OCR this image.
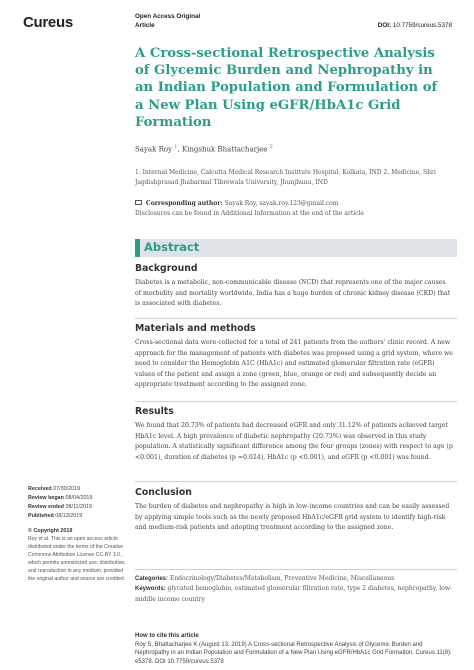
Cureus	Open Access Original
Article	DOI: 10.7759/cureus.5378
A Cross-sectional Retrospective Analysis of Glycemic Burden and Nephropathy in an Indian Population and Formulation of a New Plan Using eGFR/HbA1c Grid Formation
Sayak Roy $^1$, Kingshuk Bhattacharjee $^2$
1. Internal Medicine, Calcutta Medical Research Institute Hospital, Kolkata, IND 2. Medicine, Shri Jagdishprasad Jhabarmal Tibrewala University, Jhunjhunu, IND
Corresponding author: Sayak Roy, sayak.roy.123@gmail.com
Disclosures can be found in Additional Information at the end of the article
Abstract
Background

Diabetes is a metabolic, non-communicable disease (NCD) that represents one of the major causes of morbidity and mortality worldwide. India has a huge burden of chronic kidney disease (CKD) that is associated with diabetes.

Materials and methods

Cross-sectional data were collected for a total of 241 patients from the authors' clinic record. A new approach for the management of patients with diabetes was proposed using a grid system, where we need to consider the Hemoglobin A1C (HbA1c) and estimated glomerular filtration rate (eGFR) values of the patient and assign a zone (green, blue, orange or red) and subsequently decide an appropriate treatment according to the assigned zone.

Results

We found that 20.73% of patients had decreased eGFR and only 31.12% of patients achieved target HbA1c level. A high prevalence of diabetic nephropathy (20.73%) was observed in this study population. A statistically significant difference among the four groups (zones) with respect to age (p <0.001), duration of diabetes (p =0.024), HbA1c (p <0.001), and eGFR (p <0.001) was found.

Conclusion

The burden of diabetes and nephropathy is high in low-income countries and can be easily assessed by applying simple tools such as the newly proposed HbA1c/eGFR grid system to identify high-risk and medium-risk patients and adopting treatment according to the assigned zone.

Categories: Endocrinology/Diabetes/Metabolism, Preventive Medicine, Miscellaneous
Keywords: glycated hemoglobin, estimated glomerular filtration rate, type 2 diabetes, nephropathy, low-middle income country
Received 07/30/2019
Review began 08/04/2019
Review ended 08/11/2019
Published 08/13/2019
© Copyright 2019
Roy et al. This is an open access article distributed under the terms of the Creative Commons Attribution License CC-BY 3.0., which permits unrestricted use, distribution, and reproduction in any medium, provided the original author and source are credited.
How to cite this article
Roy S, Bhattacharjee K (August 13, 2019) A Cross-sectional Retrospective Analysis of Glycemic Burden and Nephropathy in an Indian Population and Formulation of a New Plan Using eGFR/HbA1c Grid Formation. Cureus 11(8): e5378. DOI 10.7759/cureus.5378
